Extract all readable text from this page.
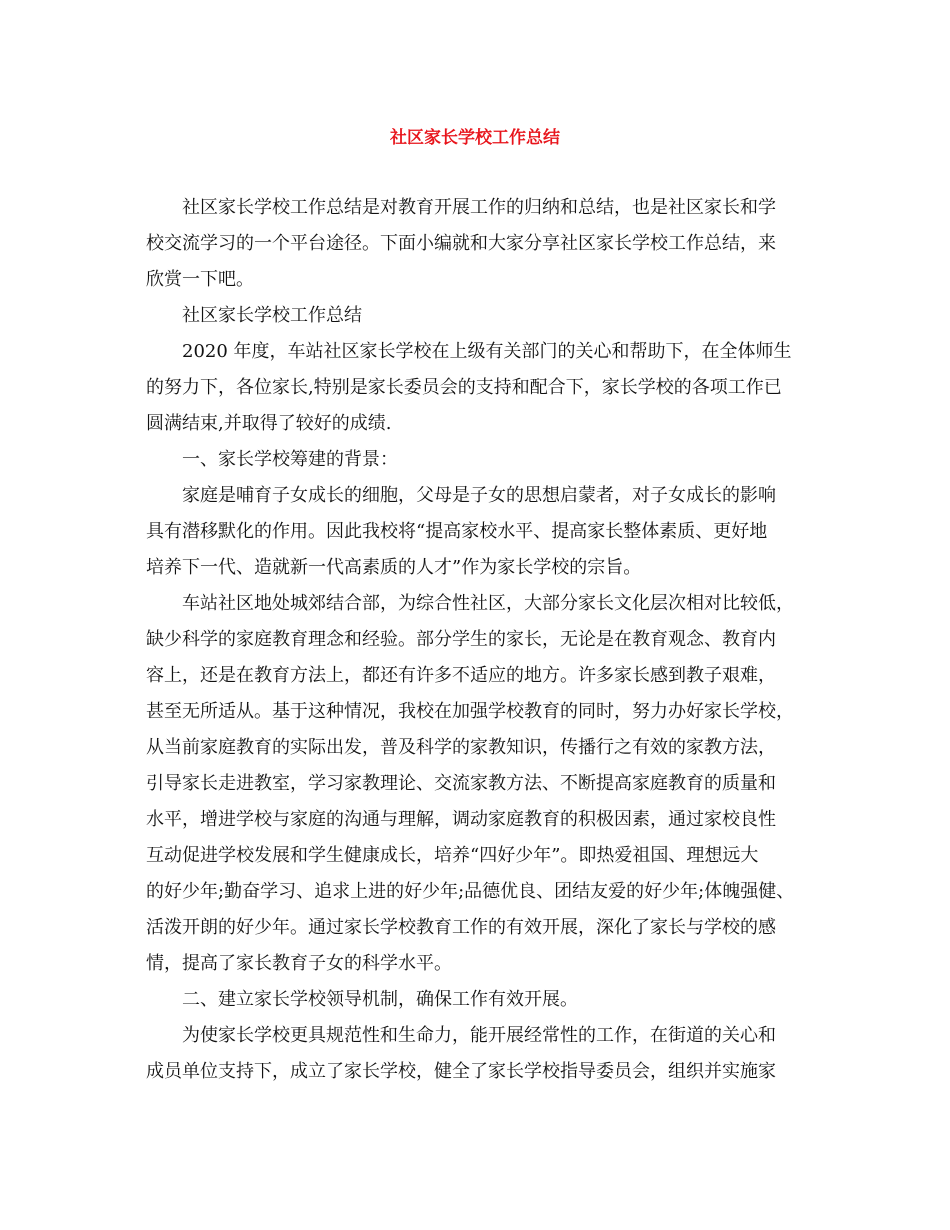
社区家长学校工作总结
社区家长学校工作总结是对教育开展工作的归纳和总结，也是社区家长和学
校交流学习的一个平台途径。下面小编就和大家分享社区家长学校工作总结，来
欣赏一下吧。
社区家长学校工作总结
2020 年度，车站社区家长学校在上级有关部门的关心和帮助下，在全体师生
的努力下，各位家长,特别是家长委员会的支持和配合下，家长学校的各项工作已
圆满结束,并取得了较好的成绩.
一、家长学校筹建的背景：
家庭是哺育子女成长的细胞，父母是子女的思想启蒙者，对子女成长的影响
具有潜移默化的作用。因此我校将“提高家校水平、提高家长整体素质、更好地
培养下一代、造就新一代高素质的人才”作为家长学校的宗旨。
车站社区地处城郊结合部，为综合性社区，大部分家长文化层次相对比较低，
缺少科学的家庭教育理念和经验。部分学生的家长，无论是在教育观念、教育内
容上，还是在教育方法上，都还有许多不适应的地方。许多家长感到教子艰难，
甚至无所适从。基于这种情况，我校在加强学校教育的同时，努力办好家长学校，
从当前家庭教育的实际出发，普及科学的家教知识，传播行之有效的家教方法，
引导家长走进教室，学习家教理论、交流家教方法、不断提高家庭教育的质量和
水平，增进学校与家庭的沟通与理解，调动家庭教育的积极因素，通过家校良性
互动促进学校发展和学生健康成长，培养“四好少年”。即热爱祖国、理想远大
的好少年;勤奋学习、追求上进的好少年;品德优良、团结友爱的好少年;体魄强健、
活泼开朗的好少年。通过家长学校教育工作的有效开展，深化了家长与学校的感
情，提高了家长教育子女的科学水平。
二、建立家长学校领导机制，确保工作有效开展。
为使家长学校更具规范性和生命力，能开展经常性的工作，在街道的关心和
成员单位支持下，成立了家长学校，健全了家长学校指导委员会，组织并实施家
